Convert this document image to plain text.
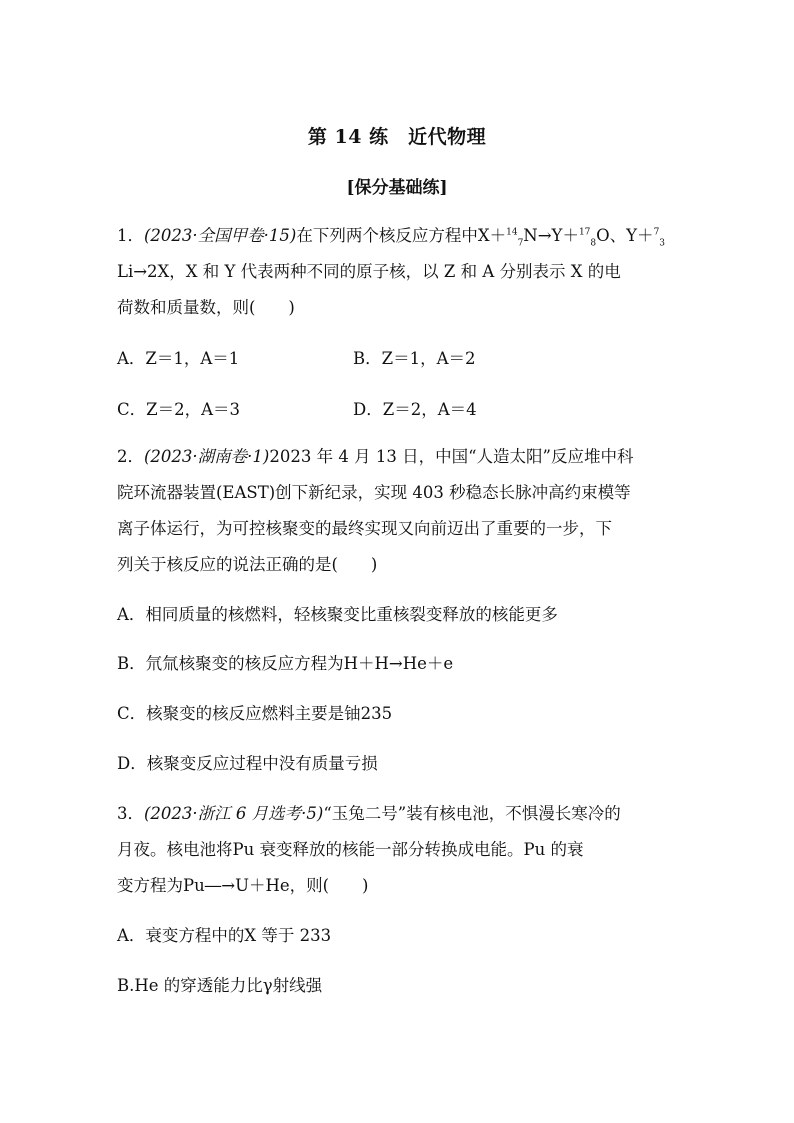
第 14 练　近代物理
[保分基础练]
1．(2023·全国甲卷·15)在下列两个核反应方程中X＋$^{14}_7$N→Y＋$^{17}_8$O、Y＋$^7_3$
Li→2X，X 和 Y 代表两种不同的原子核，以 Z 和 A 分别表示 X 的电
荷数和质量数，则(　　)
A．Z＝1，A＝1	B．Z＝1，A＝2
C．Z＝2，A＝3	D．Z＝2，A＝4
2．(2023·湖南卷·1)2023 年 4 月 13 日，中国“人造太阳”反应堆中科
院环流器装置(EAST)创下新纪录，实现 403 秒稳态长脉冲高约束模等
离子体运行，为可控核聚变的最终实现又向前迈出了重要的一步，下
列关于核反应的说法正确的是(　　)
A．相同质量的核燃料，轻核聚变比重核裂变释放的核能更多
B．氘氚核聚变的核反应方程为H＋H→He＋e
C．核聚变的核反应燃料主要是铀235
D．核聚变反应过程中没有质量亏损
3．(2023·浙江 6 月选考·5)“玉兔二号”装有核电池，不惧漫长寒冷的
月夜。核电池将Pu 衰变释放的核能一部分转换成电能。Pu 的衰
变方程为Pu―→U＋He，则(　　)
A．衰变方程中的X 等于 233
B.He 的穿透能力比γ射线强
